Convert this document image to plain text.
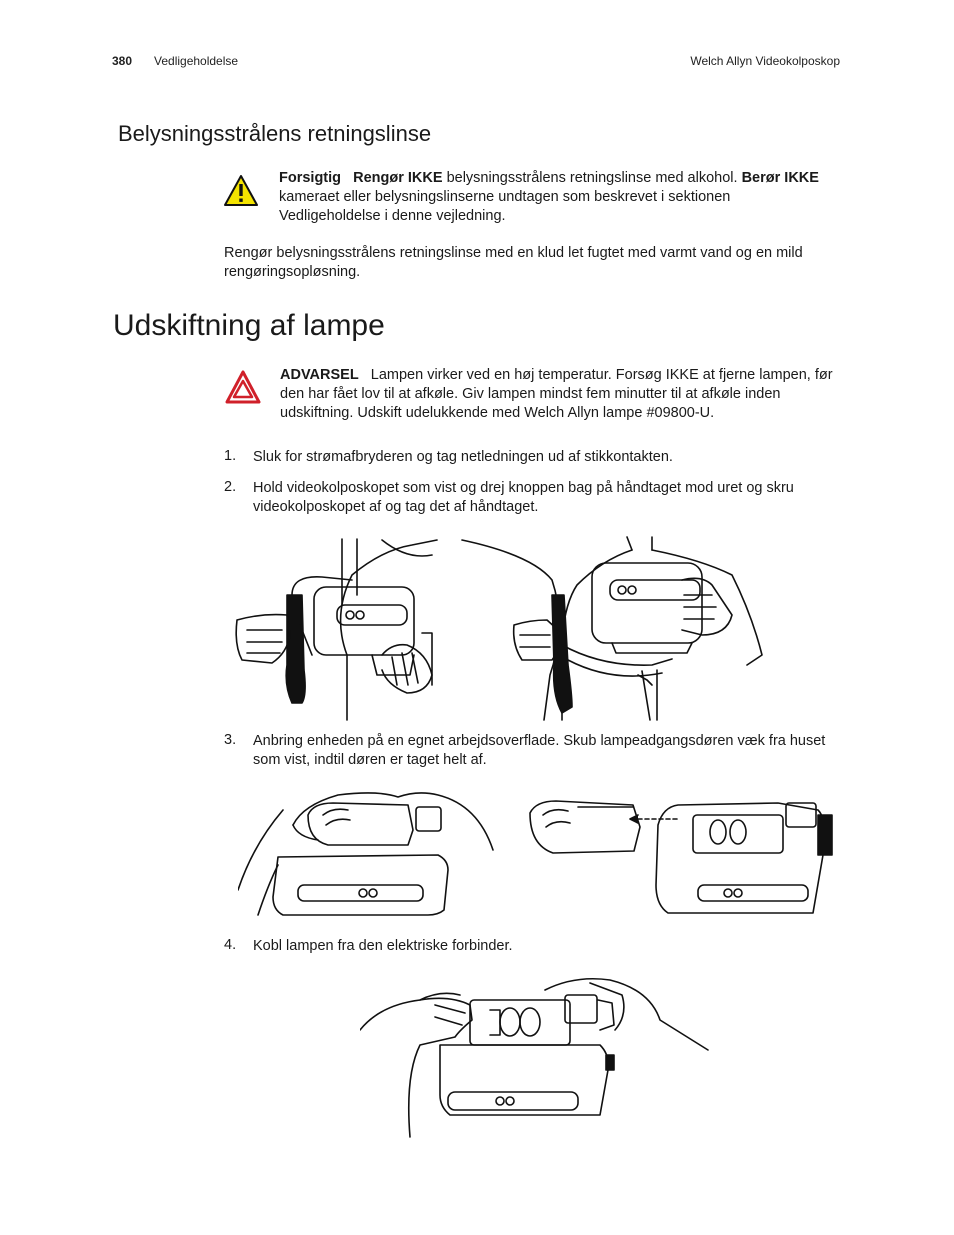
380 Vedligeholdelse	Welch Allyn Videokolposkop
Belysningsstrålens retningslinse
Forsigtig Rengør IKKE belysningsstrålens retningslinse med alkohol. Berør IKKE kameraet eller belysningslinserne undtagen som beskrevet i sektionen Vedligeholdelse i denne vejledning.
Rengør belysningsstrålens retningslinse med en klud let fugtet med varmt vand og en mild rengøringsopløsning.
Udskiftning af lampe
ADVARSEL Lampen virker ved en høj temperatur. Forsøg IKKE at fjerne lampen, før den har fået lov til at afkøle. Giv lampen mindst fem minutter til at afkøle inden udskiftning. Udskift udelukkende med Welch Allyn lampe #09800-U.
1. Sluk for strømafbryderen og tag netledningen ud af stikkontakten.
2. Hold videokolposkopet som vist og drej knoppen bag på håndtaget mod uret og skru videokolposkopet af og tag det af håndtaget.
3. Anbring enheden på en egnet arbejdsoverflade. Skub lampeadgangsdøren væk fra huset som vist, indtil døren er taget helt af.
4. Kobl lampen fra den elektriske forbinder.
